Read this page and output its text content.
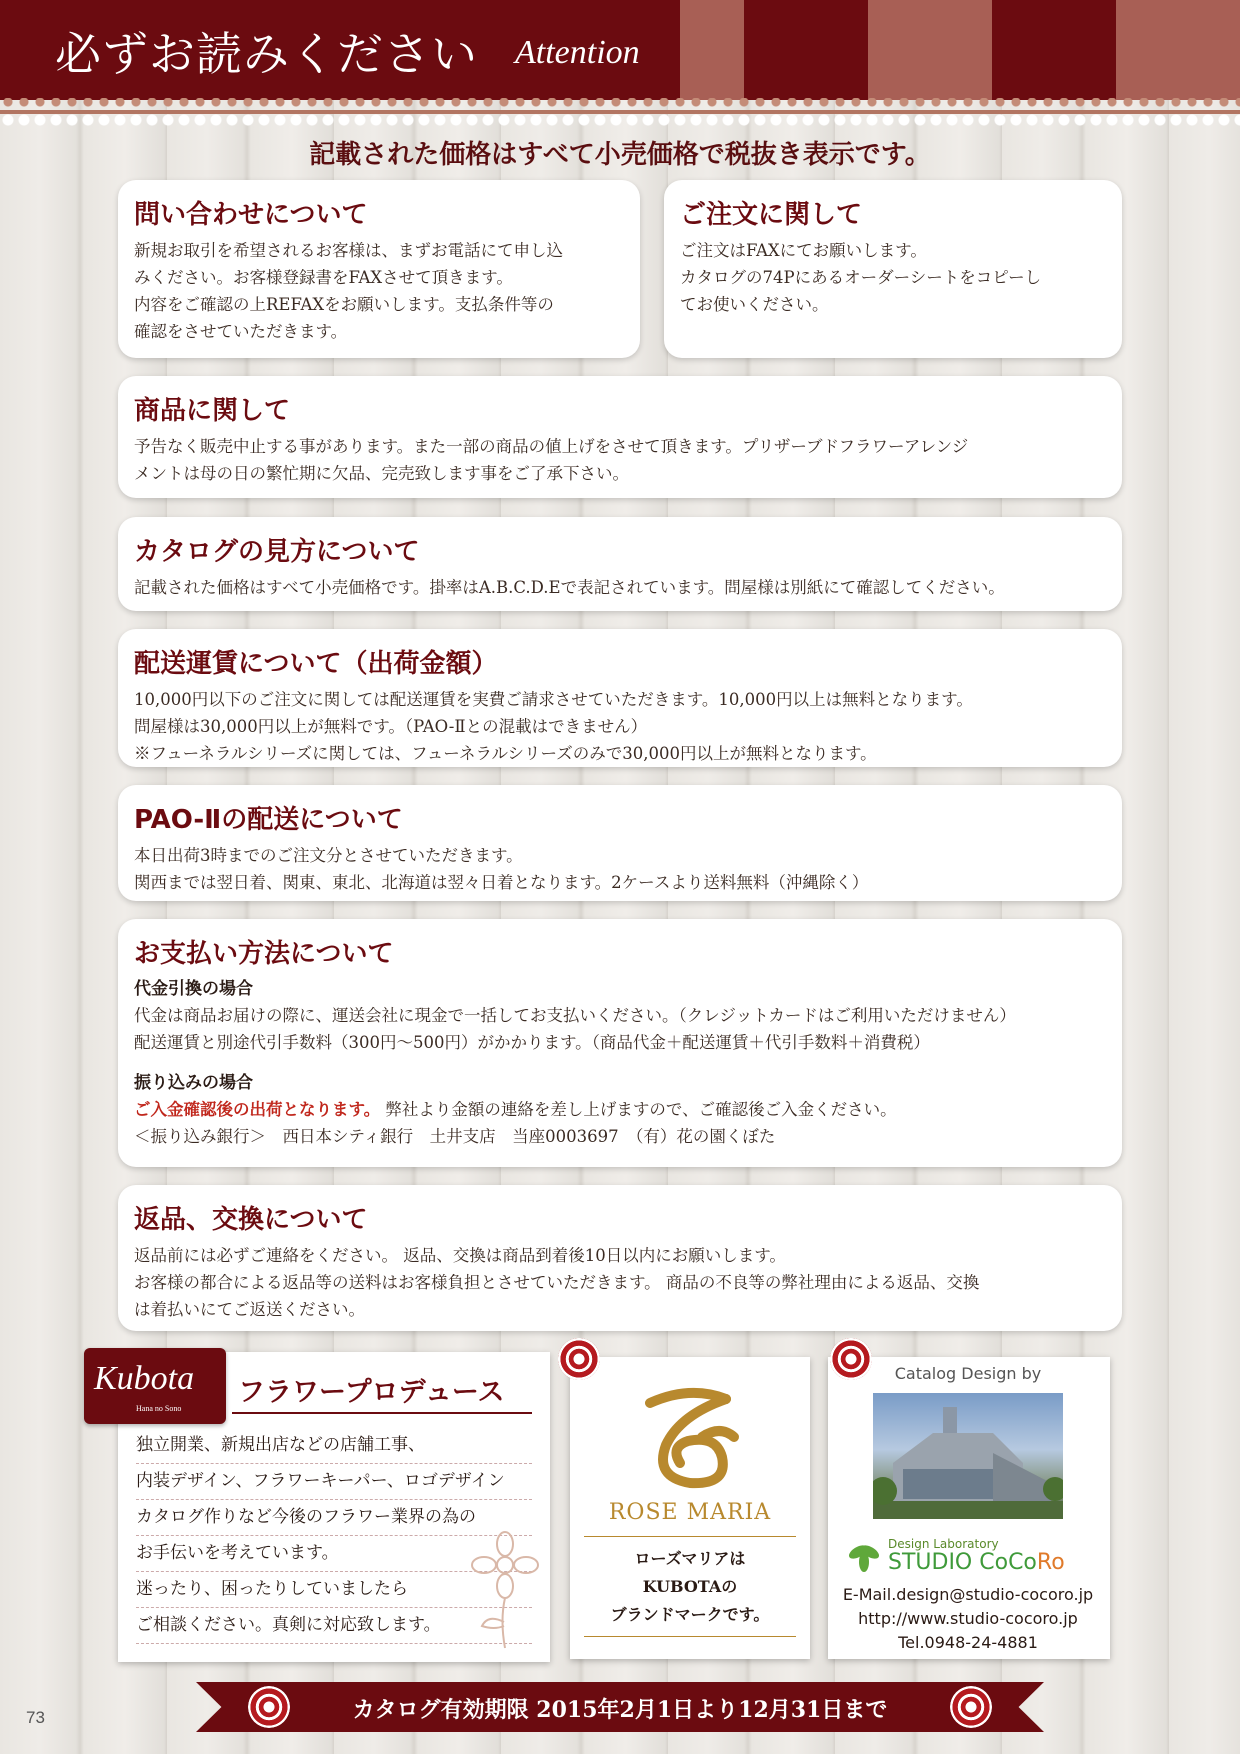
必ずお読みください Attention
記載された価格はすべて小売価格で税抜き表示です。
問い合わせについて

新規お取引を希望されるお客様は、まずお電話にて申し込

みください。お客様登録書をFAXさせて頂きます。

内容をご確認の上REFAXをお願いします。支払条件等の

確認をさせていただきます。

ご注文に関して

ご注文はFAXにてお願いします。

カタログの74Pにあるオーダーシートをコピーし

てお使いください。

商品に関して

予告なく販売中止する事があります。また一部の商品の値上げをさせて頂きます。プリザーブドフラワーアレンジ

メントは母の日の繁忙期に欠品、完売致します事をご了承下さい。

カタログの見方について

記載された価格はすべて小売価格です。掛率はA.B.C.D.Eで表記されています。問屋様は別紙にて確認してください。

配送運賃について（出荷金額）

10,000円以下のご注文に関しては配送運賃を実費ご請求させていただきます。10,000円以上は無料となります。

問屋様は30,000円以上が無料です。（PAO-Ⅱとの混載はできません）

※フューネラルシリーズに関しては、フューネラルシリーズのみで30,000円以上が無料となります。

PAO-Ⅱの配送について

本日出荷3時までのご注文分とさせていただきます。

関西までは翌日着、関東、東北、北海道は翌々日着となります。2ケースより送料無料（沖縄除く）

お支払い方法について
代金引換の場合

代金は商品お届けの際に、運送会社に現金で一括してお支払いください。（クレジットカードはご利用いただけません）

配送運賃と別途代引手数料（300円～500円）がかかります。（商品代金＋配送運賃＋代引手数料＋消費税）

振り込みの場合

ご入金確認後の出荷となります。 弊社より金額の連絡を差し上げますので、ご確認後ご入金ください。

＜振り込み銀行＞　西日本シティ銀行　土井支店　当座0003697　（有）花の園くぼた

返品、交換について

返品前には必ずご連絡をください。 返品、交換は商品到着後10日以内にお願いします。

お客様の都合による返品等の送料はお客様負担とさせていただきます。 商品の不良等の弊社理由による返品、交換

は着払いにてご返送ください。

Kubota
Hana no Sono
フラワープロデュース
独立開業、新規出店などの店舗工事、
内装デザイン、フラワーキーパー、ロゴデザイン
カタログ作りなど今後のフラワー業界の為の
お手伝いを考えています。
迷ったり、困ったりしていましたら
ご相談ください。真剣に対応致します。
ROSE MARIA
ローズマリアは
KUBOTAの
ブランドマークです。
Catalog Design by
Design Laboratory
STUDIO CoCoRo
E-Mail.design@studio-cocoro.jp
http://www.studio-cocoro.jp
Tel.0948-24-4881
カタログ有効期限 2015年2月1日より12月31日まで
73
